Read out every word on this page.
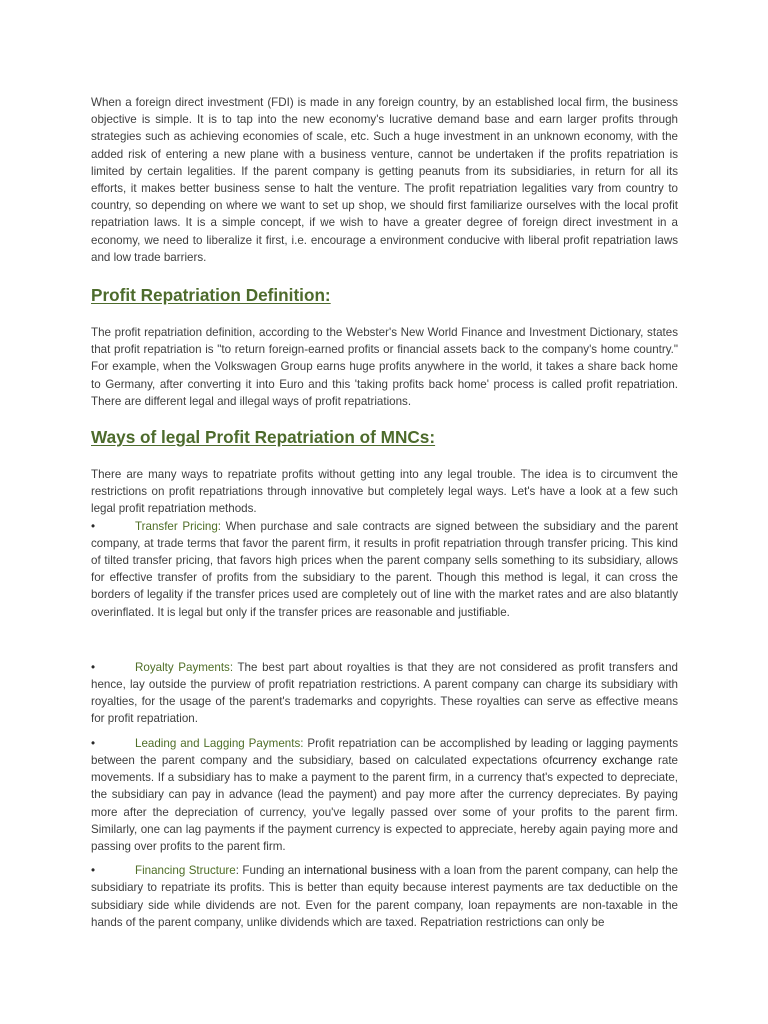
When a foreign direct investment (FDI) is made in any foreign country, by an established local firm, the business objective is simple. It is to tap into the new economy's lucrative demand base and earn larger profits through strategies such as achieving economies of scale, etc. Such a huge investment in an unknown economy, with the added risk of entering a new plane with a business venture, cannot be undertaken if the profits repatriation is limited by certain legalities. If the parent company is getting peanuts from its subsidiaries, in return for all its efforts, it makes better business sense to halt the venture. The profit repatriation legalities vary from country to country, so depending on where we want to set up shop, we should first familiarize ourselves with the local profit repatriation laws. It is a simple concept, if we wish to have a greater degree of foreign direct investment in a economy, we need to liberalize it first, i.e. encourage a environment conducive with liberal profit repatriation laws and low trade barriers.

Profit Repatriation Definition:

The profit repatriation definition, according to the Webster's New World Finance and Investment Dictionary, states that profit repatriation is "to return foreign-earned profits or financial assets back to the company's home country." For example, when the Volkswagen Group earns huge profits anywhere in the world, it takes a share back home to Germany, after converting it into Euro and this 'taking profits back home' process is called profit repatriation. There are different legal and illegal ways of profit repatriations.

Ways of legal Profit Repatriation of MNCs:

There are many ways to repatriate profits without getting into any legal trouble. The idea is to circumvent the restrictions on profit repatriations through innovative but completely legal ways. Let's have a look at a few such legal profit repatriation methods.

•	Transfer Pricing: When purchase and sale contracts are signed between the subsidiary and the parent company, at trade terms that favor the parent firm, it results in profit repatriation through transfer pricing. This kind of tilted transfer pricing, that favors high prices when the parent company sells something to its subsidiary, allows for effective transfer of profits from the subsidiary to the parent. Though this method is legal, it can cross the borders of legality if the transfer prices used are completely out of line with the market rates and are also blatantly overinflated. It is legal but only if the transfer prices are reasonable and justifiable.

•	Royalty Payments: The best part about royalties is that they are not considered as profit transfers and hence, lay outside the purview of profit repatriation restrictions. A parent company can charge its subsidiary with royalties, for the usage of the parent's trademarks and copyrights. These royalties can serve as effective means for profit repatriation.

•	Leading and Lagging Payments: Profit repatriation can be accomplished by leading or lagging payments between the parent company and the subsidiary, based on calculated expectations ofcurrency exchange rate movements. If a subsidiary has to make a payment to the parent firm, in a currency that's expected to depreciate, the subsidiary can pay in advance (lead the payment) and pay more after the currency depreciates. By paying more after the depreciation of currency, you've legally passed over some of your profits to the parent firm. Similarly, one can lag payments if the payment currency is expected to appreciate, hereby again paying more and passing over profits to the parent firm.

•	Financing Structure: Funding an international business with a loan from the parent company, can help the subsidiary to repatriate its profits. This is better than equity because interest payments are tax deductible on the subsidiary side while dividends are not. Even for the parent company, loan repayments are non-taxable in the hands of the parent company, unlike dividends which are taxed. Repatriation restrictions can only be
